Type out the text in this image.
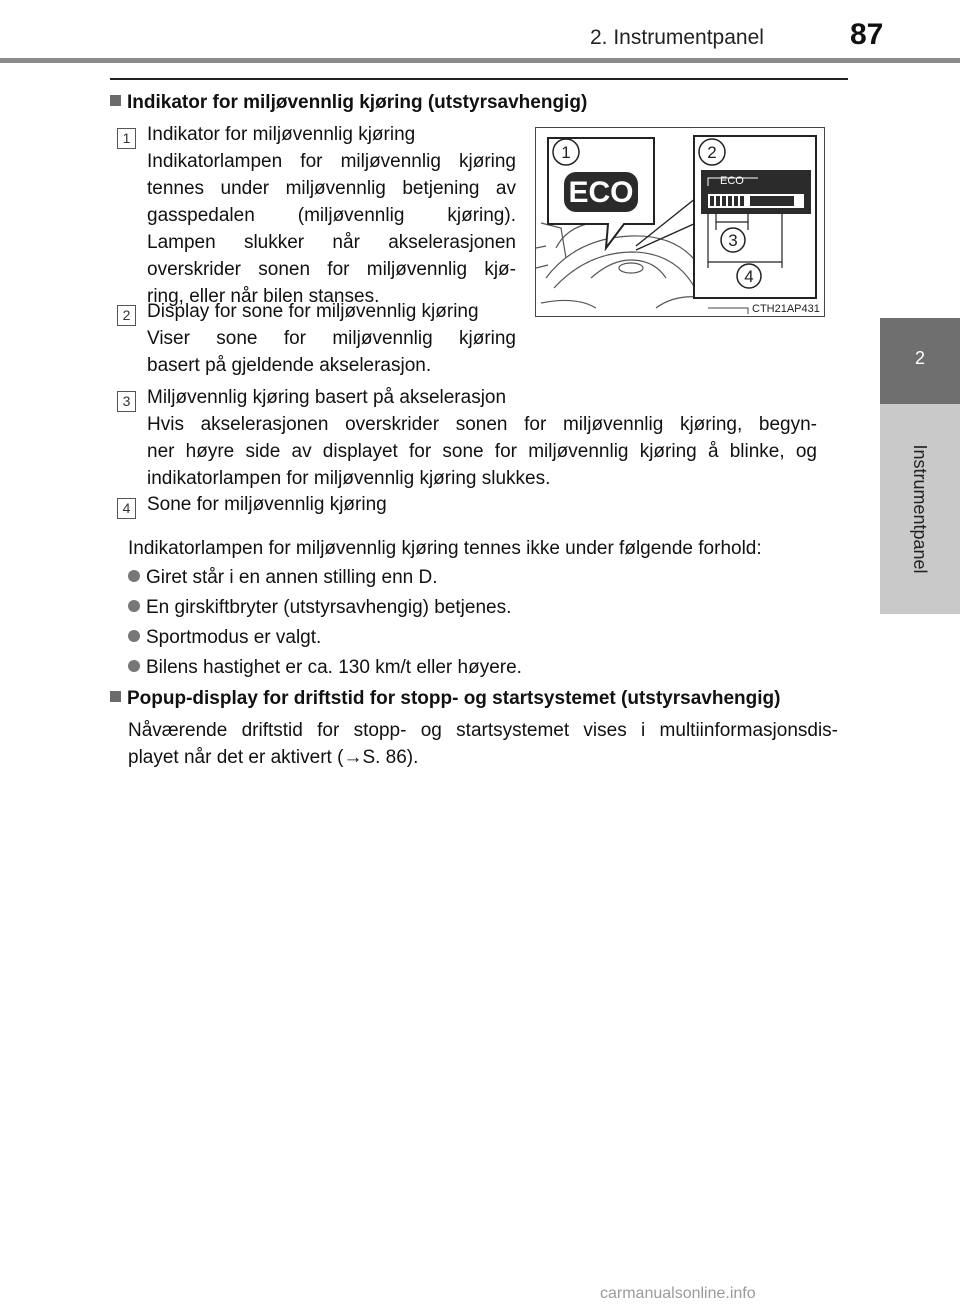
2. Instrumentpanel	87
2
Instrumentpanel
Indikator for miljøvennlig kjøring (utstyrsavhengig)
1 Indikator for miljøvennlig kjøring

Indikatorlampen for miljøvennlig kjøring

tennes under miljøvennlig betjening av

gasspedalen (miljøvennlig kjøring).

Lampen slukker når akselerasjonen

overskrider sonen for miljøvennlig kjø-

ring, eller når bilen stanses.

2 Display for sone for miljøvennlig kjøring

Viser sone for miljøvennlig kjøring

basert på gjeldende akselerasjon.

ECO
1	2
ECO
3
4
CTH21AP431
3 Miljøvennlig kjøring basert på akselerasjon

Hvis akselerasjonen overskrider sonen for miljøvennlig kjøring, begyn-

ner høyre side av displayet for sone for miljøvennlig kjøring å blinke, og

indikatorlampen for miljøvennlig kjøring slukkes.

4 Sone for miljøvennlig kjøring

Indikatorlampen for miljøvennlig kjøring tennes ikke under følgende forhold:
Giret står i en annen stilling enn D.
En girskiftbryter (utstyrsavhengig) betjenes.
Sportmodus er valgt.
Bilens hastighet er ca. 130 km/t eller høyere.
Popup-display for driftstid for stopp- og startsystemet (utstyrsavhengig)

Nåværende driftstid for stopp- og startsystemet vises i multiinformasjonsdis-

playet når det er aktivert (→S. 86).

carmanualsonline.info
